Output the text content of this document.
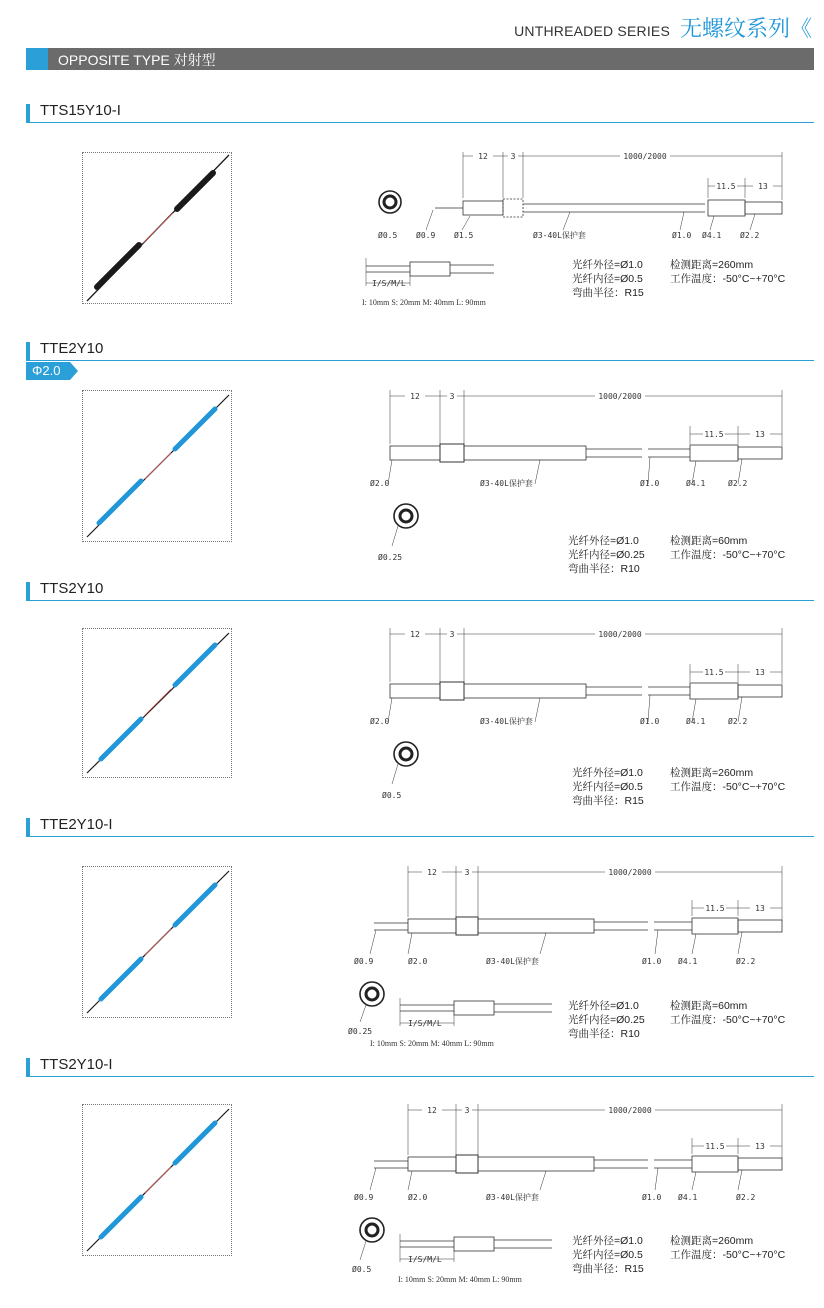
UNTHREADED SERIES 无螺纹系列《
OPPOSITE TYPE 对射型
TTS15Y10-I
12	3	1000/2000
11.5	13
Ø0.5 Ø0.9 Ø1.5	Ø3-40L保护套	Ø1.0 Ø4.1 Ø2.2
I/S/M/L
I: 10mm S: 20mm M: 40mm L: 90mm
光纤外径=Ø1.0
光纤内径=Ø0.5
弯曲半径：R15
检测距离=260mm
工作温度：-50°C~+70°C
TTE2Y10
Φ2.0
12	3	1000/2000
11.5	13
Ø2.0	Ø3-40L保护套	Ø1.0	Ø4.1	Ø2.2
Ø0.25
光纤外径=Ø1.0
光纤内径=Ø0.25
弯曲半径：R10
检测距离=60mm
工作温度：-50°C~+70°C
TTS2Y10
12	3	1000/2000
11.5	13
Ø2.0	Ø3-40L保护套	Ø1.0	Ø4.1	Ø2.2
Ø0.5
光纤外径=Ø1.0
光纤内径=Ø0.5
弯曲半径：R15
检测距离=260mm
工作温度：-50°C~+70°C
TTE2Y10-I
12	3	1000/2000
11.5	13
Ø0.9	Ø2.0	Ø3-40L保护套	Ø1.0 Ø4.1	Ø2.2
Ø0.25
I/S/M/L
I: 10mm S: 20mm M: 40mm L: 90mm
光纤外径=Ø1.0
光纤内径=Ø0.25
弯曲半径：R10
检测距离=60mm
工作温度：-50°C~+70°C
TTS2Y10-I
12	3	1000/2000
11.5	13
Ø0.9	Ø2.0	Ø3-40L保护套	Ø1.0 Ø4.1	Ø2.2
Ø0.5
I/S/M/L
I: 10mm S: 20mm M: 40mm L: 90mm
光纤外径=Ø1.0
光纤内径=Ø0.5
弯曲半径：R15
检测距离=260mm
工作温度：-50°C~+70°C
